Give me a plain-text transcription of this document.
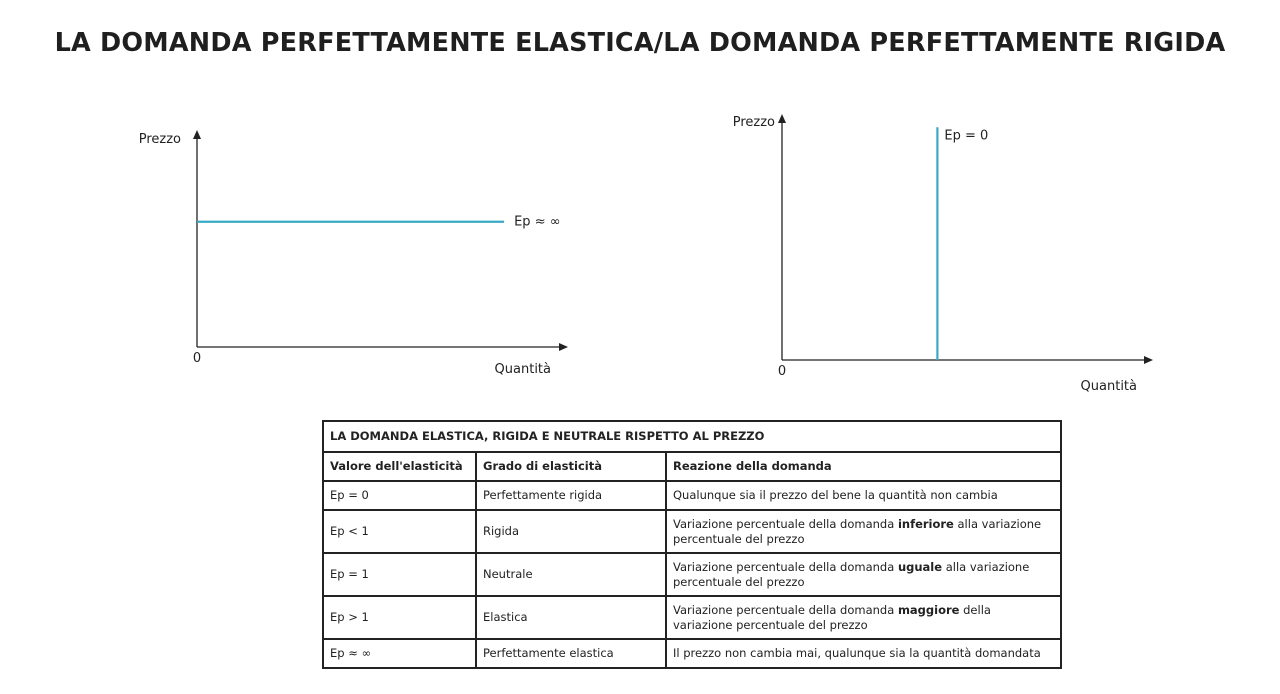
LA DOMANDA PERFETTAMENTE ELASTICA/LA DOMANDA PERFETTAMENTE RIGIDA
Prezzo
Quantità
0
Ep ≈ ∞
Prezzo
Quantità
0
Ep = 0
LA DOMANDA ELASTICA, RIGIDA E NEUTRALE RISPETTO AL PREZZO		
Valore dell'elasticità	Grado di elasticità	Reazione della domanda
Ep = 0	Perfettamente rigida	Qualunque sia il prezzo del bene la quantità non cambia
Ep < 1	Rigida	Variazione percentuale della domanda inferiore alla variazione percentuale del prezzo
Ep = 1	Neutrale	Variazione percentuale della domanda uguale alla variazione percentuale del prezzo
Ep > 1	Elastica	Variazione percentuale della domanda maggiore della variazione percentuale del prezzo
Ep ≈ ∞	Perfettamente elastica	Il prezzo non cambia mai, qualunque sia la quantità domandata
